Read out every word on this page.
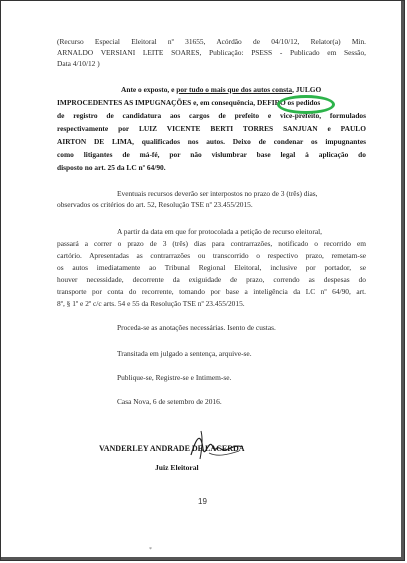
(Recurso Especial Eleitoral nº 31655, Acórdão de 04/10/12, Relator(a) Min.
ARNALDO VERSIANI LEITE SOARES, Publicação: PSESS - Publicado em Sessão,
Data 4/10/12 )
Ante o exposto, e por tudo o mais que dos autos consta, JULGO
IMPROCEDENTES AS IMPUGNAÇÕES e, em consequência, DEFIRO os pedidos
de registro de candidatura aos cargos de prefeito e vice-prefeito, formulados
respectivamente por LUIZ VICENTE BERTI TORRES SANJUAN e PAULO
AIRTON DE LIMA, qualificados nos autos. Deixo de condenar os impugnantes
como litigantes de má-fé, por não vislumbrar base legal à aplicação do
disposto no art. 25 da LC nº 64/90.
Eventuais recursos deverão ser interpostos no prazo de 3 (três) dias,
observados os critérios do art. 52, Resolução TSE nº 23.455/2015.
A partir da data em que for protocolada a petição de recurso eleitoral,
passará a correr o prazo de 3 (três) dias para contrarrazões, notificado o recorrido em
cartório. Apresentadas as contrarrazões ou transcorrido o respectivo prazo, remetam-se
os autos imediatamente ao Tribunal Regional Eleitoral, inclusive por portador, se
houver necessidade, decorrente da exiguidade de prazo, correndo as despesas do
transporte por conta do recorrente, tomando por base a inteligência da LC nº 64/90, art.
8º, § 1º e 2º c/c arts. 54 e 55 da Resolução TSE nº 23.455/2015.
Proceda-se as anotações necessárias. Isento de custas.
Transitada em julgado a sentença, arquive-se.
Publique-se, Registre-se e Intimem-se.
Casa Nova, 6 de setembro de 2016.
VANDERLEY ANDRADE DE LACERDA
Juiz Eleitoral
19
*
